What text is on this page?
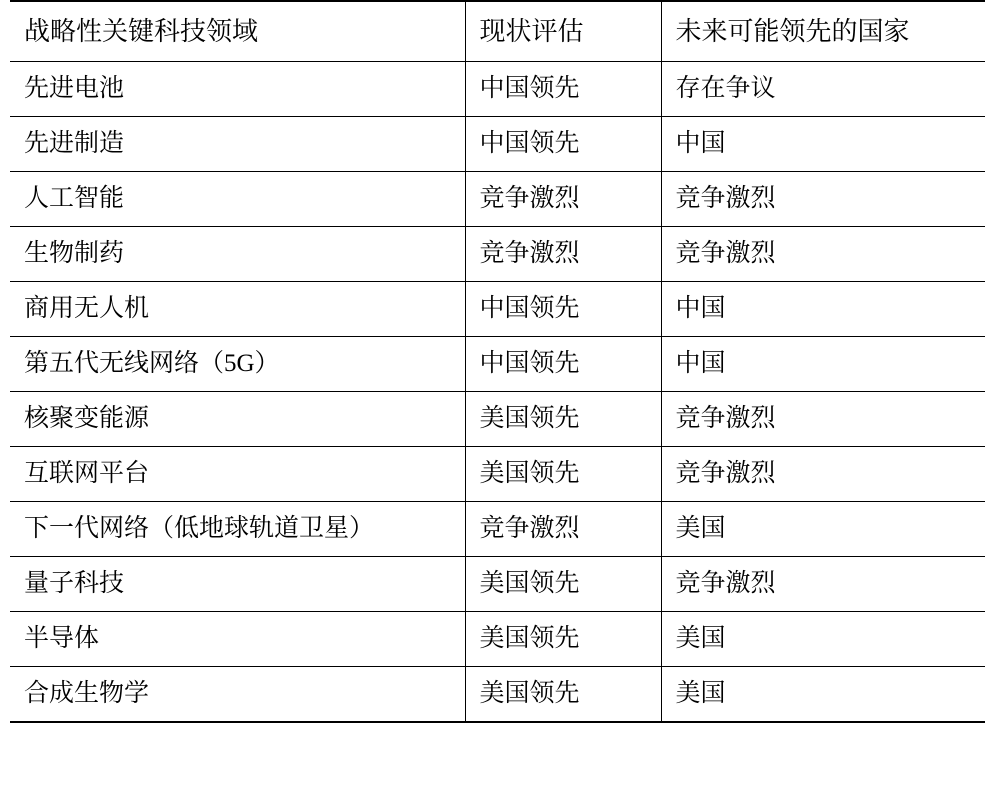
战略性关键科技领域	现状评估	未来可能领先的国家
先进电池	中国领先	存在争议
先进制造	中国领先	中国
人工智能	竞争激烈	竞争激烈
生物制药	竞争激烈	竞争激烈
商用无人机	中国领先	中国
第五代无线网络（5G）	中国领先	中国
核聚变能源	美国领先	竞争激烈
互联网平台	美国领先	竞争激烈
下一代网络（低地球轨道卫星）	竞争激烈	美国
量子科技	美国领先	竞争激烈
半导体	美国领先	美国
合成生物学	美国领先	美国
